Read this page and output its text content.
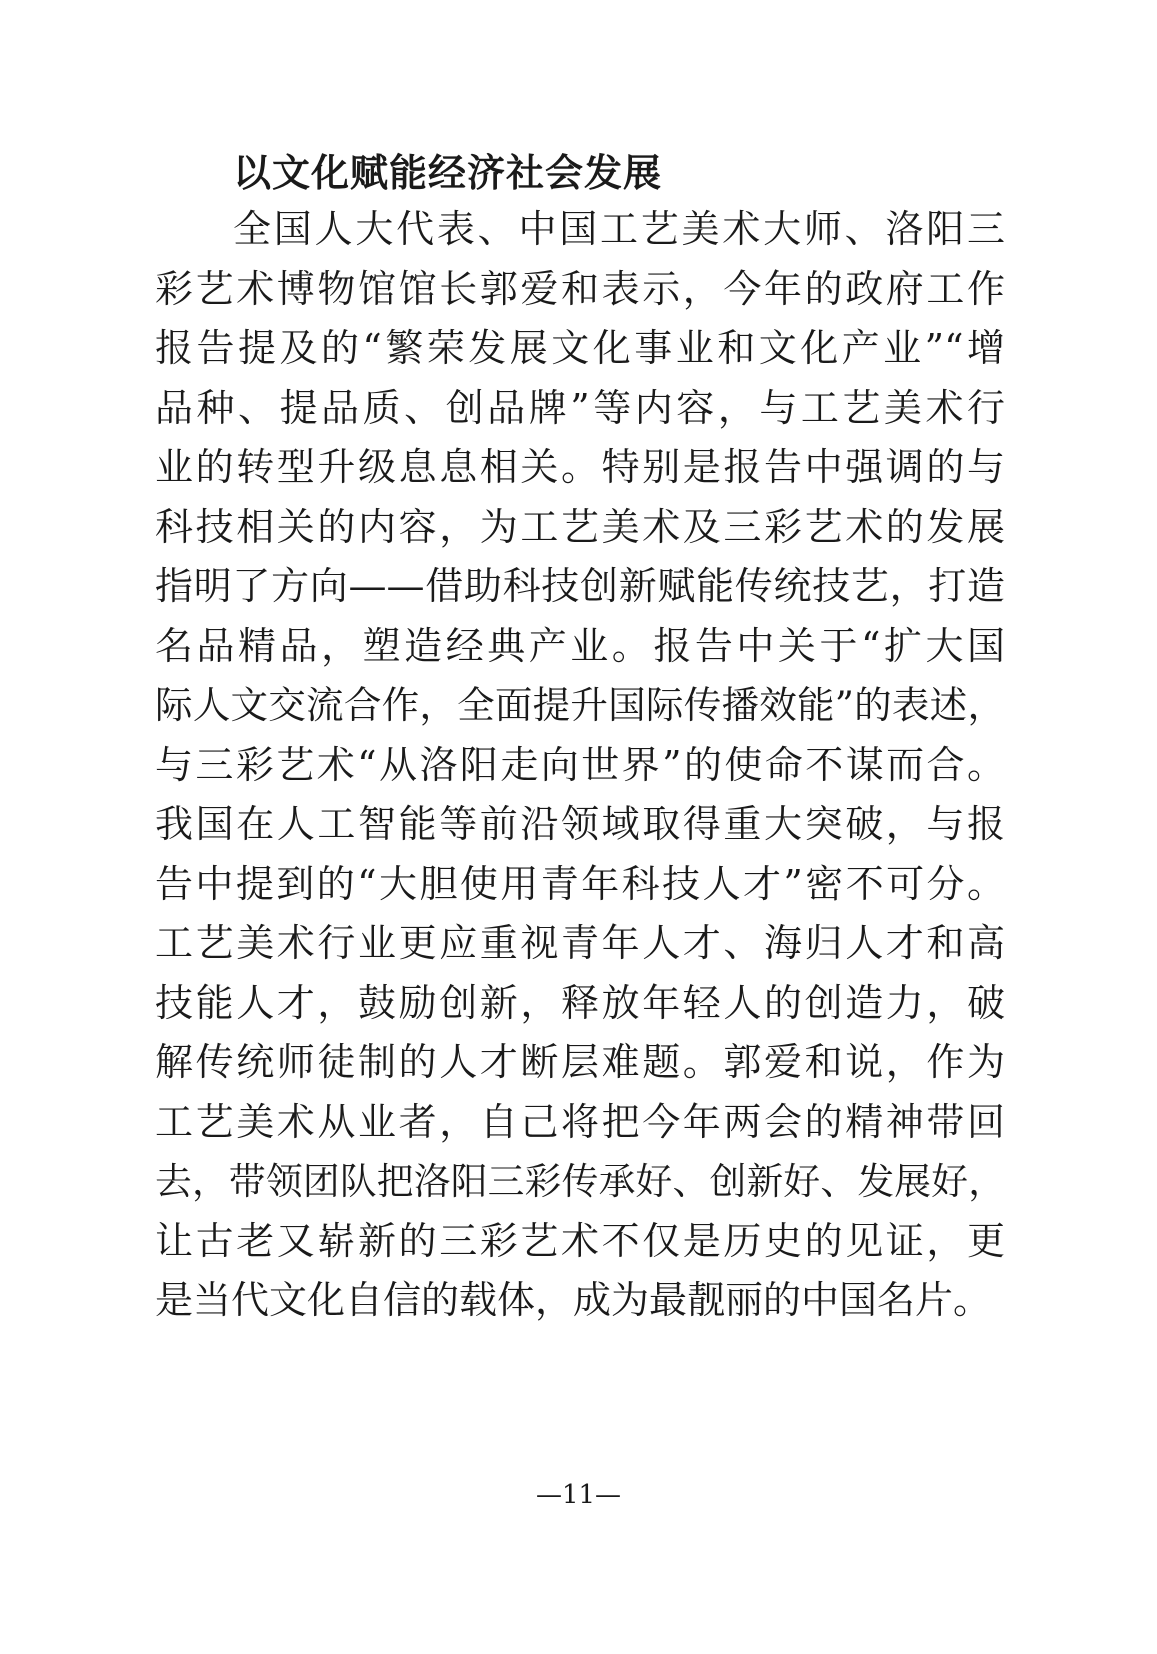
以文化赋能经济社会发展
全国人大代表、中国工艺美术大师、洛阳三
彩艺术博物馆馆长郭爱和表示，今年的政府工作
报告提及的“繁荣发展文化事业和文化产业”“增
品种、提品质、创品牌”等内容，与工艺美术行
业的转型升级息息相关。特别是报告中强调的与
科技相关的内容，为工艺美术及三彩艺术的发展
指明了方向——借助科技创新赋能传统技艺，打造
名品精品，塑造经典产业。报告中关于“扩大国
际人文交流合作，全面提升国际传播效能”的表述，
与三彩艺术“从洛阳走向世界”的使命不谋而合。
我国在人工智能等前沿领域取得重大突破，与报
告中提到的“大胆使用青年科技人才”密不可分。
工艺美术行业更应重视青年人才、海归人才和高
技能人才，鼓励创新，释放年轻人的创造力，破
解传统师徒制的人才断层难题。郭爱和说，作为
工艺美术从业者，自己将把今年两会的精神带回
去，带领团队把洛阳三彩传承好、创新好、发展好，
让古老又崭新的三彩艺术不仅是历史的见证，更
是当代文化自信的载体，成为最靓丽的中国名片。
—11—
